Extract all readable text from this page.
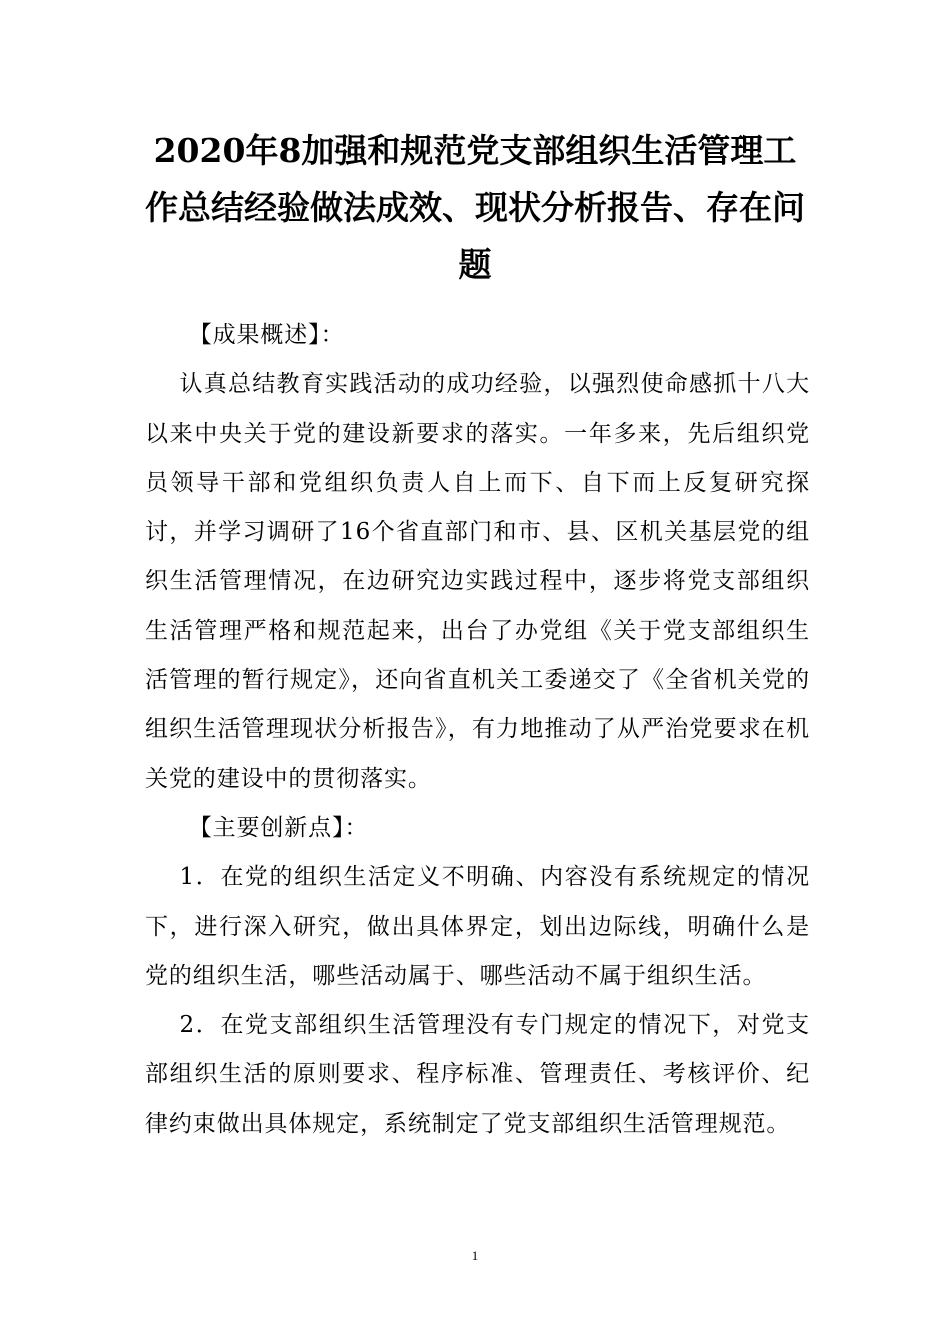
2020年8加强和规范党支部组织生活管理工作总结经验做法成效、现状分析报告、存在问题

【成果概述】：

认真总结教育实践活动的成功经验，以强烈使命感抓十八大以来中央关于党的建设新要求的落实。一年多来，先后组织党员领导干部和党组织负责人自上而下、自下而上反复研究探讨，并学习调研了16个省直部门和市、县、区机关基层党的组织生活管理情况，在边研究边实践过程中，逐步将党支部组织生活管理严格和规范起来，出台了办党组《关于党支部组织生活管理的暂行规定》，还向省直机关工委递交了《全省机关党的组织生活管理现状分析报告》，有力地推动了从严治党要求在机关党的建设中的贯彻落实。

【主要创新点】：

1．在党的组织生活定义不明确、内容没有系统规定的情况下，进行深入研究，做出具体界定，划出边际线，明确什么是党的组织生活，哪些活动属于、哪些活动不属于组织生活。

2．在党支部组织生活管理没有专门规定的情况下，对党支部组织生活的原则要求、程序标准、管理责任、考核评价、纪律约束做出具体规定，系统制定了党支部组织生活管理规范。

1
